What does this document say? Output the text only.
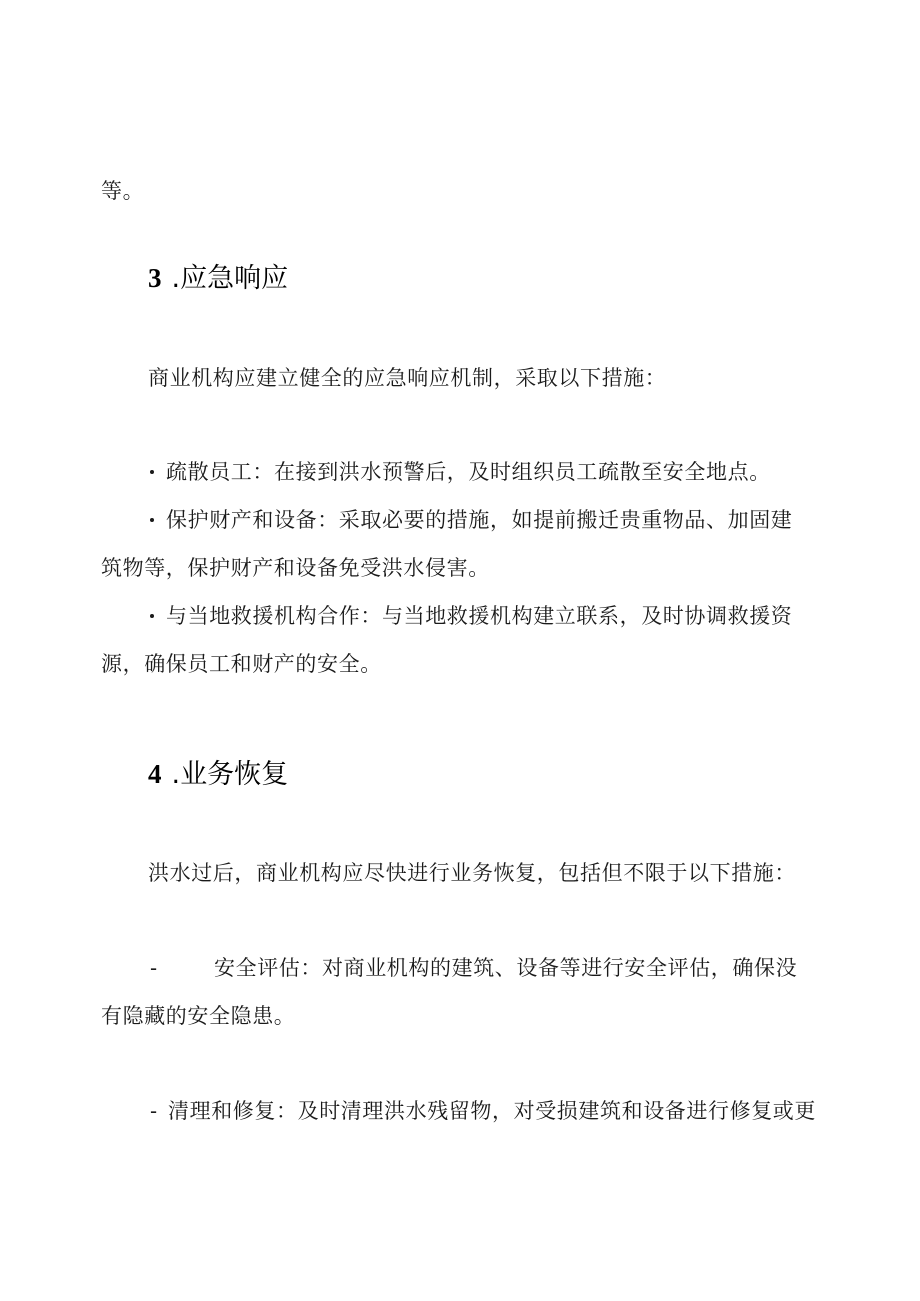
等。
3 .应急响应
商业机构应建立健全的应急响应机制，采取以下措施：
疏散员工：在接到洪水预警后，及时组织员工疏散至安全地点。
保护财产和设备：采取必要的措施，如提前搬迁贵重物品、加固建
筑物等，保护财产和设备免受洪水侵害。
与当地救援机构合作：与当地救援机构建立联系，及时协调救援资
源，确保员工和财产的安全。
4 .业务恢复
洪水过后，商业机构应尽快进行业务恢复，包括但不限于以下措施：
-	安全评估：对商业机构的建筑、设备等进行安全评估，确保没
有隐藏的安全隐患。
- 清理和修复：及时清理洪水残留物，对受损建筑和设备进行修复或更
